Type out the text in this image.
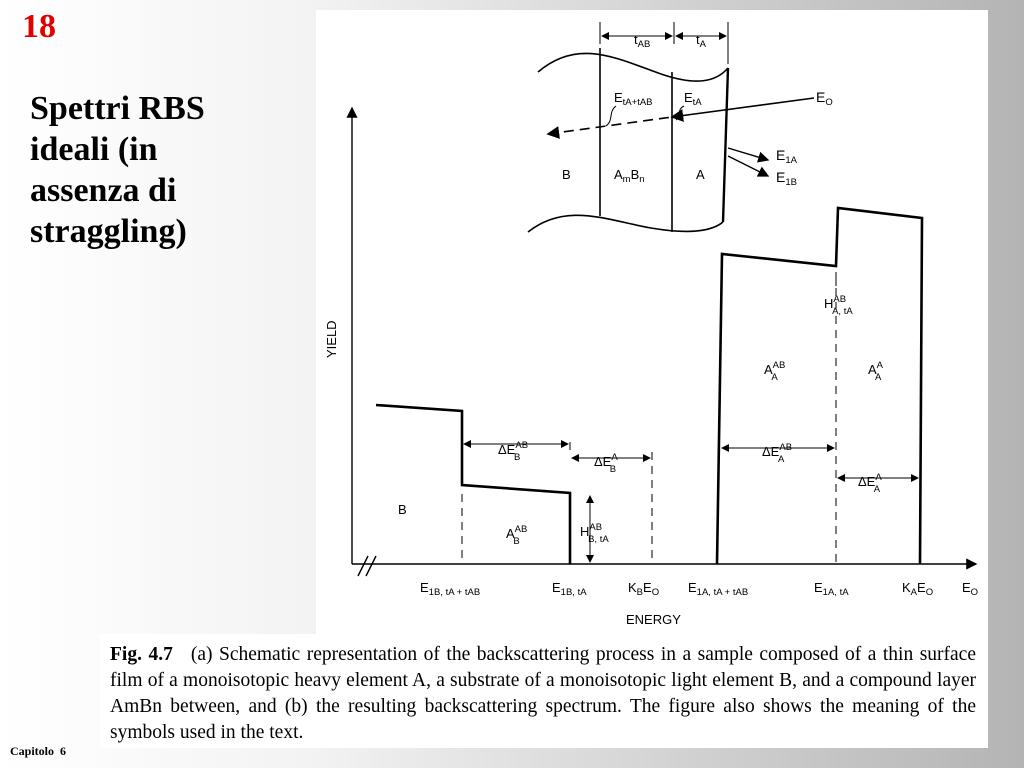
18
Spettri RBS
ideali (in
assenza di
straggling)
$t_{AB}$	$t_A$
$E_O$
$E_{tA+tAB}$ $E_{tA}$
$E_{1A}$
$E_{1B}$
B	$A_mB_n$	A
YIELD
ENERGY
B
$A^{AB}$ B
$H^{AB}$ B, tA
$\Delta E^{AB}$ B	$\Delta E^A$ B
$A^{AB}$ A
$A^A$ A
$H^{AB}$ A, tA
$\Delta E^{AB}$ A
$\Delta E^A$ A
$E_{1B, tA + tAB}$	$E_{1B, tA}$	$K_BE_O$ $E_{1A, tA + tAB}$	$E_{1A, tA}$	$K_AE_O$ $E_O$

Fig. 4.7 (a) Schematic representation of the backscattering process in a sample composed of a thin surface film of a monoisotopic heavy element A, a substrate of a monoisotopic light element B, and a compound layer AmBn between, and (b) the resulting backscattering spectrum. The figure also shows the meaning of the symbols used in the text.

Capitolo 6
